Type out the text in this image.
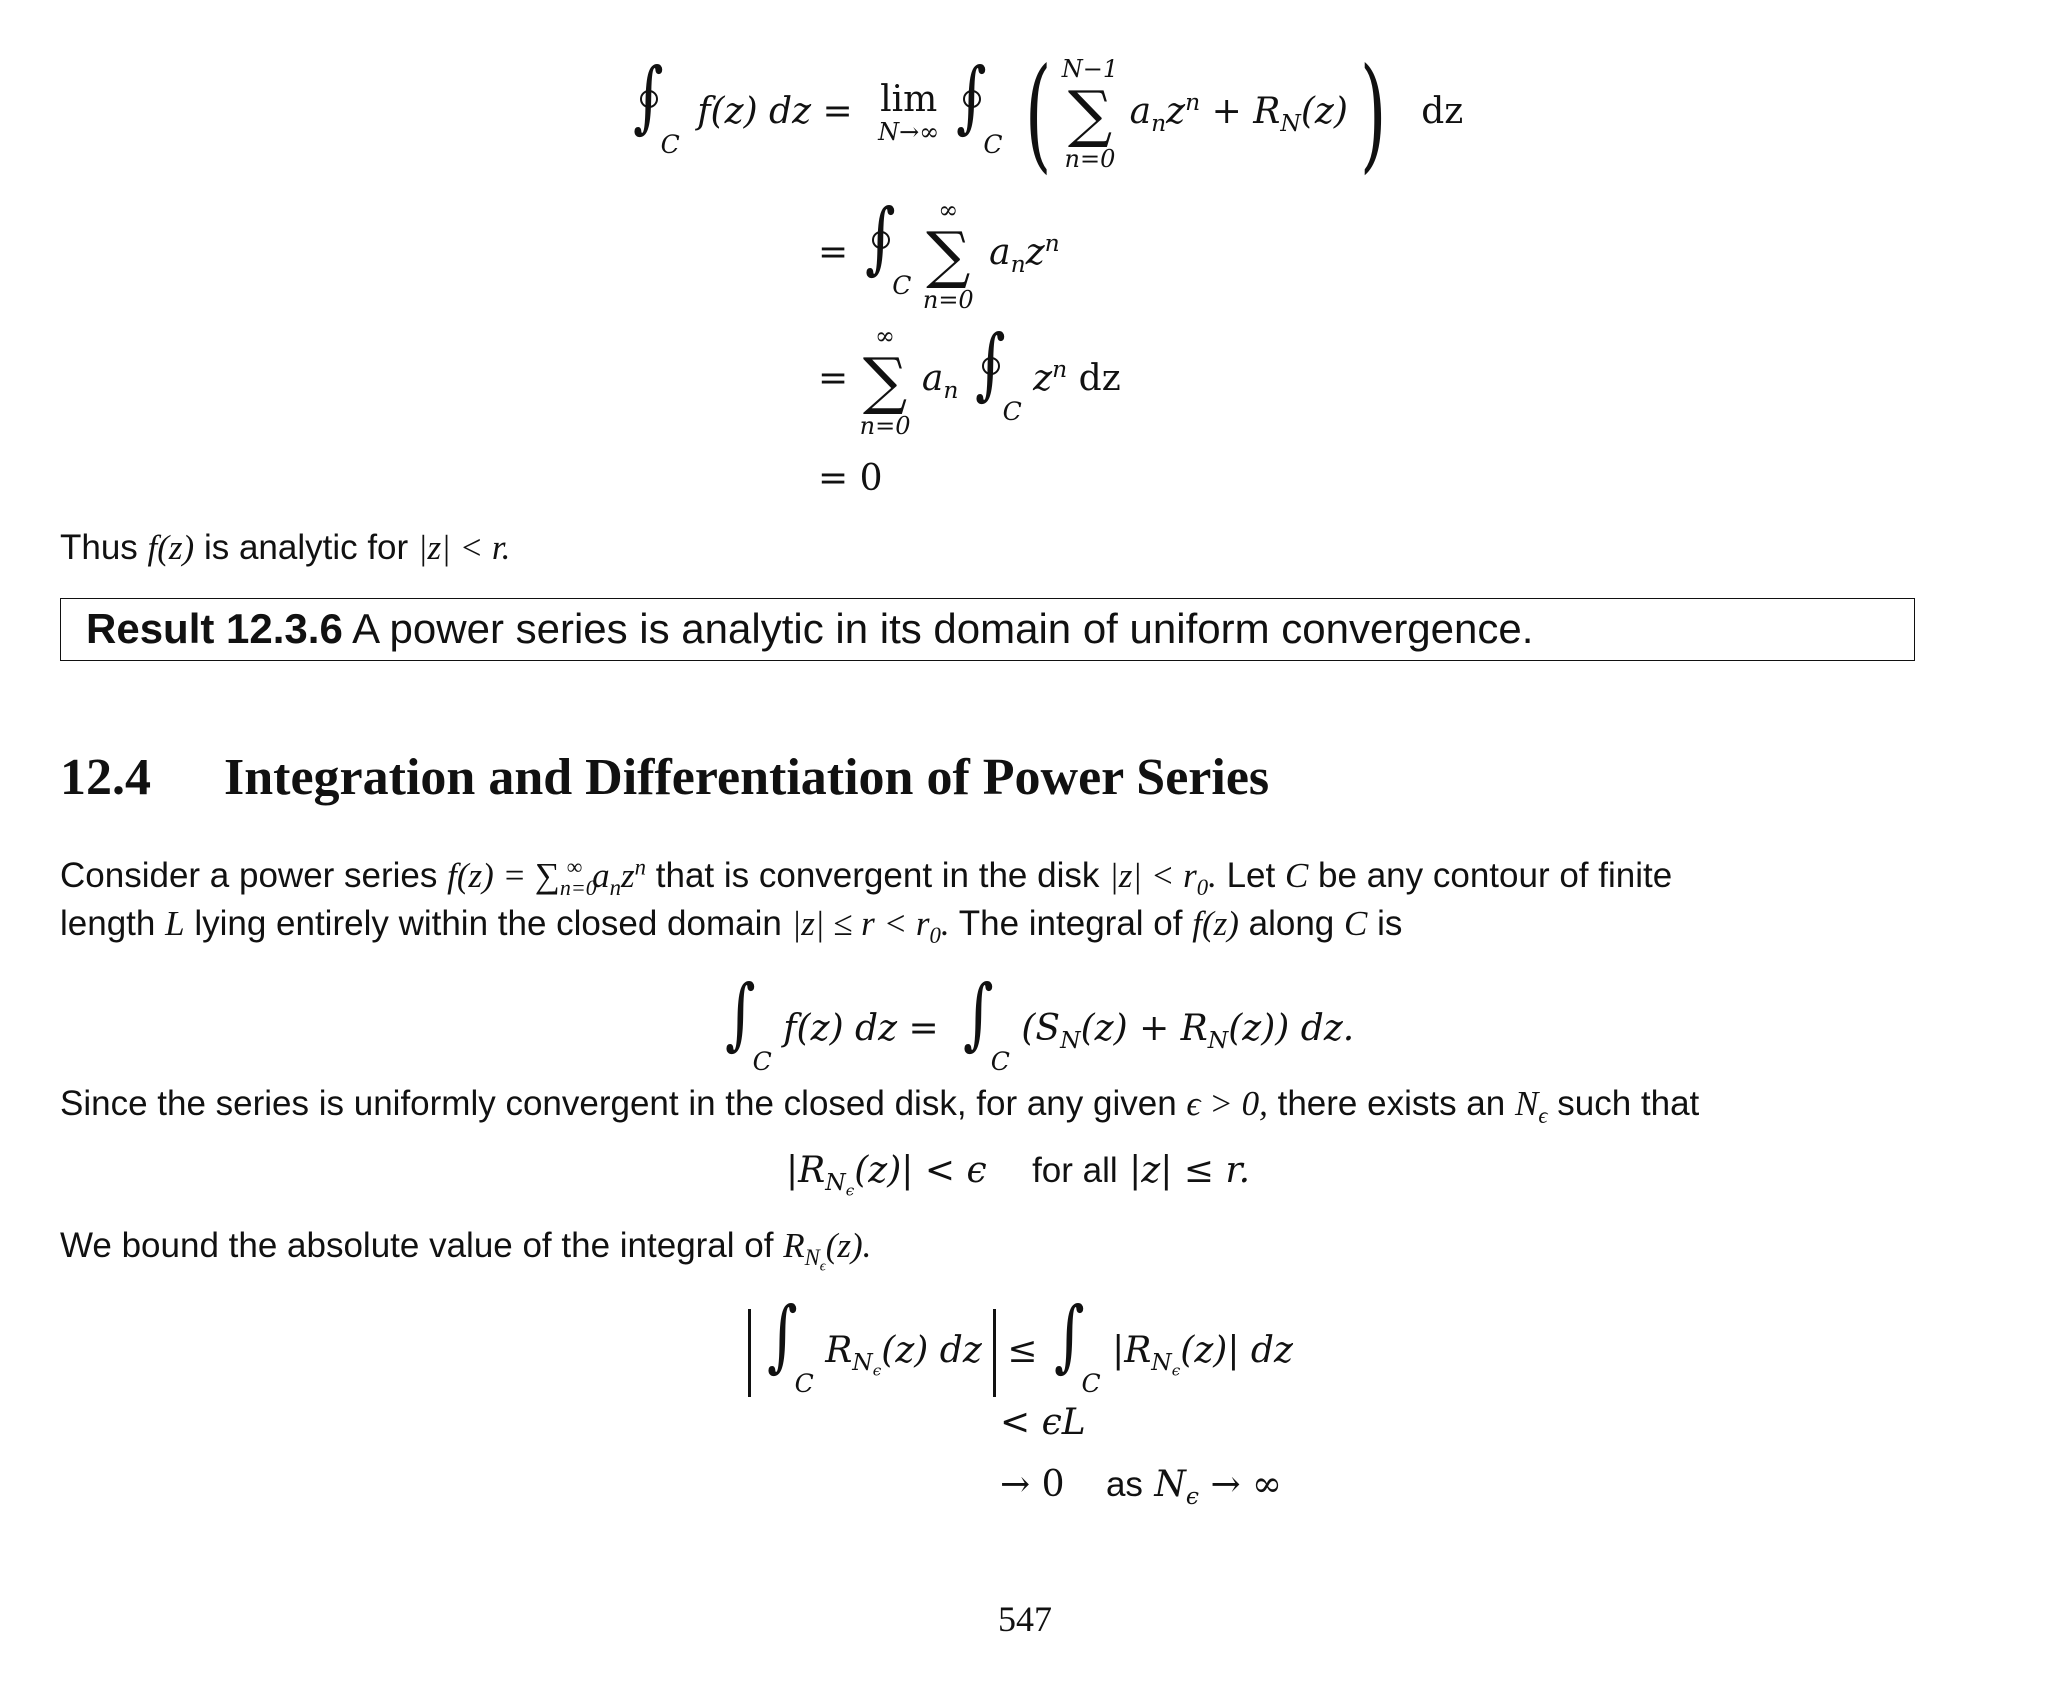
∫
$_C$ f(z) dz = lim
N→∞ ∫
$_C$ ( N−1
∑
n=0
$a_nz^n + R_N(z)$ ) dz
= ∫
$_C$
∞
∑
n=0
$a_nz^n$
=
∞
∑
n=0
$a_n$ ∫
$_C$ $z^n$ dz
= 0
Thus f(z) is analytic for |z| < r.
Result 12.3.6 A power series is analytic in its domain of uniform convergence.
12.4 Integration and Differentiation of Power Series
Consider a power series $f(z) = \sum_{n=0}^\infty$ $a_nz^n$ that is convergent in the disk $|z| < r_0$. Let C be any contour of finite
length L lying entirely within the closed domain $|z| \le r < r_0$. The integral of f(z) along C is
$\int_C$ f(z) dz = $\int_C$ $(S_N(z) + R_N(z))$ dz.
Since the series is uniformly convergent in the closed disk, for any given ϵ > 0, there exists an $N_\epsilon$ such that
$|R_{N_\epsilon}(z)| < \epsilon$ for all |z| ≤ r.
We bound the absolute value of the integral of $R_{N_\epsilon}(z)$.
$\int_C$ $R_{N_\epsilon}(z)$ dz ≤ $\int_C$ $|R_{N_\epsilon}(z)|$ dz
< ϵL
→ 0 as $N_\epsilon$ → ∞
547
